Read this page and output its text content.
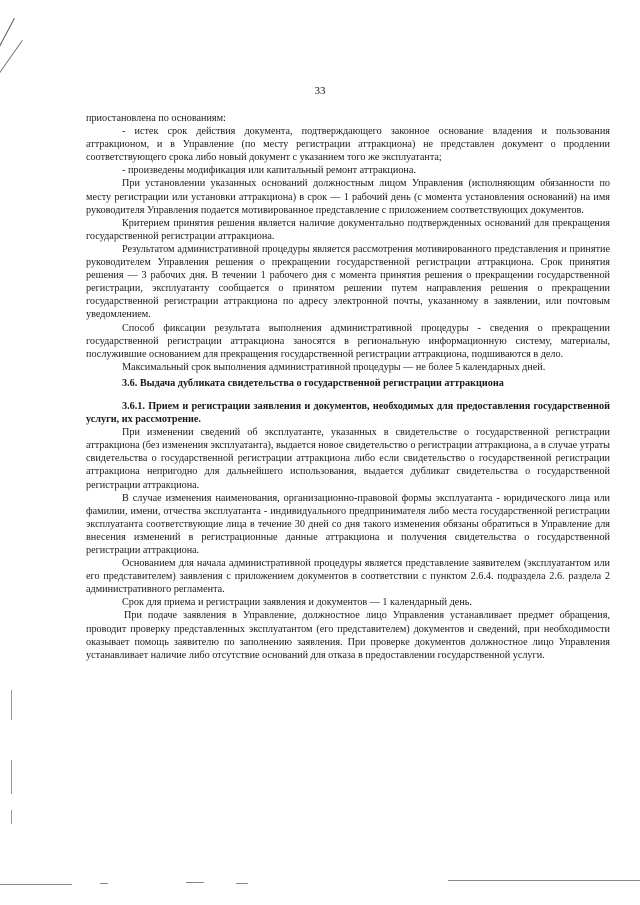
33

приостановлена по основаниям:

- истек срок действия документа, подтверждающего законное основание владения и пользования аттракционом, и в Управление (по месту регистрации аттракциона) не представлен документ о продлении соответствующего срока либо новый документ с указанием того же эксплуатанта;

- произведены модификация или капитальный ремонт аттракциона.

При установлении указанных оснований должностным лицом Управления (исполняющим обязанности по месту регистрации или установки аттракциона) в срок — 1 рабочий день (с момента установления оснований) на имя руководителя Управления подается мотивированное представление с приложением соответствующих документов.

Критерием принятия решения является наличие документально подтвержденных оснований для прекращения государственной регистрации аттракциона.

Результатом административной процедуры является рассмотрения мотивированного представления и принятие руководителем Управления решения о прекращении государственной регистрации аттракциона. Срок принятия решения — 3 рабочих дня. В течении 1 рабочего дня с момента принятия решения о прекращении государственной регистрации, эксплуатанту сообщается о принятом решении путем направления решения о прекращении государственной регистрации аттракциона по адресу электронной почты, указанному в заявлении, или почтовым уведомлением.

Способ фиксации результата выполнения административной процедуры - сведения о прекращении государственной регистрации аттракциона заносятся в региональную информационную систему, материалы, послужившие основанием для прекращения государственной регистрации аттракциона, подшиваются в дело.

Максимальный срок выполнения административной процедуры — не более 5 календарных дней.

3.6. Выдача дубликата свидетельства о государственной регистрации аттракциона

3.6.1. Прием и регистрации заявления и документов, необходимых для предоставления государственной услуги, их рассмотрение.

При изменении сведений об эксплуатанте, указанных в свидетельстве о государственной регистрации аттракциона (без изменения эксплуатанта), выдается новое свидетельство о регистрации аттракциона, а в случае утраты свидетельства о государственной регистрации аттракциона либо если свидетельство о государственной регистрации аттракциона непригодно для дальнейшего использования, выдается дубликат свидетельства о государственной регистрации аттракциона.

В случае изменения наименования, организационно-правовой формы эксплуатанта - юридического лица или фамилии, имени, отчества эксплуатанта - индивидуального предпринимателя либо места государственной регистрации эксплуатанта соответствующие лица в течение 30 дней со дня такого изменения обязаны обратиться в Управление для внесения изменений в регистрационные данные аттракциона и получения свидетельства о государственной регистрации аттракциона.

Основанием для начала административной процедуры является представление заявителем (эксплуатантом или его представителем) заявления с приложением документов в соответствии с пунктом 2.6.4. подраздела 2.6. раздела 2 административного регламента.

Срок для приема и регистрации заявления и документов — 1 календарный день.

При подаче заявления в Управление, должностное лицо Управления устанавливает предмет обращения, проводит проверку представленных эксплуатантом (его представителем) документов и сведений, при необходимости оказывает помощь заявителю по заполнению заявления. При проверке документов должностное лицо Управления устанавливает наличие либо отсутствие оснований для отказа в предоставлении государственной услуги.
